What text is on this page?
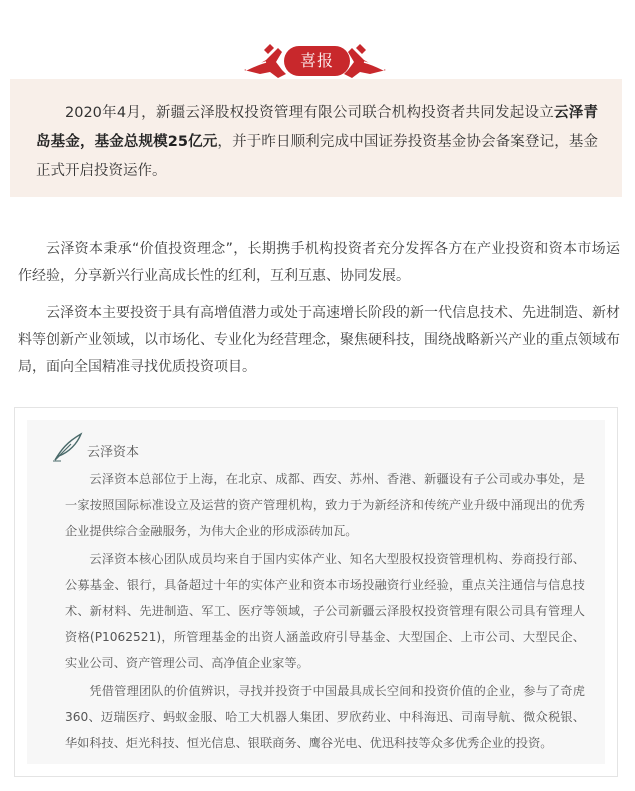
喜报

2020年4月，新疆云泽股权投资管理有限公司联合机构投资者共同发起设立云泽青岛基金，基金总规模25亿元，并于昨日顺利完成中国证券投资基金协会备案登记，基金正式开启投资运作。

云泽资本秉承“价值投资理念”，长期携手机构投资者充分发挥各方在产业投资和资本市场运作经验，分享新兴行业高成长性的红利，互利互惠、协同发展。

云泽资本主要投资于具有高增值潜力或处于高速增长阶段的新一代信息技术、先进制造、新材料等创新产业领域，以市场化、专业化为经营理念，聚焦硬科技，围绕战略新兴产业的重点领域布局，面向全国精准寻找优质投资项目。

云泽资本

云泽资本总部位于上海，在北京、成都、西安、苏州、香港、新疆设有子公司或办事处，是一家按照国际标准设立及运营的资产管理机构，致力于为新经济和传统产业升级中涌现出的优秀企业提供综合金融服务，为伟大企业的形成添砖加瓦。

云泽资本核心团队成员均来自于国内实体产业、知名大型股权投资管理机构、券商投行部、公募基金、银行，具备超过十年的实体产业和资本市场投融资行业经验，重点关注通信与信息技术、新材料、先进制造、军工、医疗等领域，子公司新疆云泽股权投资管理有限公司具有管理人资格(P1062521)，所管理基金的出资人涵盖政府引导基金、大型国企、上市公司、大型民企、实业公司、资产管理公司、高净值企业家等。

凭借管理团队的价值辨识，寻找并投资于中国最具成长空间和投资价值的企业，参与了奇虎360、迈瑞医疗、蚂蚁金服、哈工大机器人集团、罗欣药业、中科海迅、司南导航、微众税银、华如科技、炬光科技、恒光信息、银联商务、鹰谷光电、优迅科技等众多优秀企业的投资。
